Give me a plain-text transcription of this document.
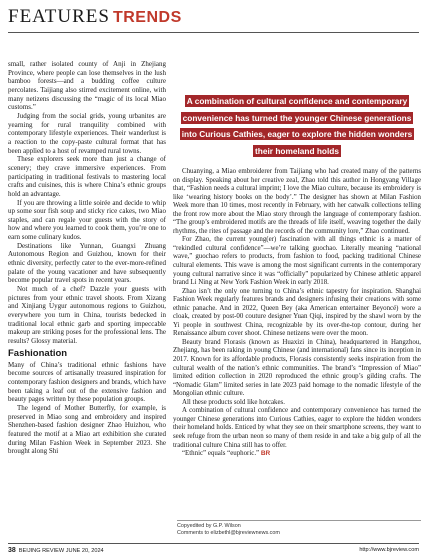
FEATURES TRENDS

small, rather isolated county of Anji in Zhejiang Province, where people can lose themselves in the lush bamboo forests—and a budding coffee culture percolates. Taijiang also stirred excitement online, with many netizens discussing the “magic of its local Miao customs.”

Judging from the social grids, young urbanites are yearning for rural tranquility combined with contemporary lifestyle experiences. Their wanderlust is a reaction to the copy-paste cultural format that has been applied to a host of revamped rural towns.

These explorers seek more than just a change of scenery; they crave immersive experiences. From participating in traditional festivals to mastering local crafts and cuisines, this is where China’s ethnic groups hold an advantage.

If you are throwing a little soirée and decide to whip up some sour fish soup and sticky rice cakes, two Miao staples, and can regale your guests with the story of how and where you learned to cook them, you’re one to earn some culinary kudos.

Destinations like Yunnan, Guangxi Zhuang Autonomous Region and Guizhou, known for their ethnic diversity, perfectly cater to the ever-more-refined palate of the young vacationer and have subsequently become popular travel spots in recent years.

Not much of a chef? Dazzle your guests with pictures from your ethnic travel shoots. From Xizang and Xinjiang Uygur autonomous regions to Guizhou, everywhere you turn in China, tourists bedecked in traditional local ethnic garb and sporting impeccable makeup are striking poses for the professional lens. The results? Glossy material.

Fashionation

Many of China’s traditional ethnic fashions have become sources of artisanally treasured inspiration for contemporary fashion designers and brands, which have been taking a leaf out of the extensive fashion and beauty pages written by these population groups.

The legend of Mother Butterfly, for example, is preserved in Miao song and embroidery and inspired Shenzhen-based fashion designer Zhao Huizhou, who featured the motif at a Miao art exhibition she curated during Milan Fashion Week in September 2023. She brought along Shi

A combination of cultural confidence and contemporary convenience has turned the younger Chinese generations into Curious Cathies, eager to explore the hidden wonders their homeland holds

Chuanying, a Miao embroiderer from Taijiang who had created many of the patterns on display. Speaking about her creative zeal, Zhao told this author in Hongyang Village that, “Fashion needs a cultural imprint; I love the Miao culture, because its embroidery is like ‘wearing history books on the body’.” The designer has shown at Milan Fashion Week more than 10 times, most recently in February, with her catwalk collections telling the front row more about the Miao story through the language of contemporary fashion. “The group’s embroidered motifs are the threads of life itself, weaving together the daily rhythms, the rites of passage and the records of the community lore,” Zhao continued.

For Zhao, the current young(er) fascination with all things ethnic is a matter of “rekindled cultural confidence”—we’re talking guochao. Literally meaning “national wave,” guochao refers to products, from fashion to food, packing traditional Chinese cultural elements. This wave is among the most significant currents in the contemporary young cultural narrative since it was “officially” popularized by Chinese athletic apparel brand Li Ning at New York Fashion Week in early 2018.

Zhao isn’t the only one turning to China’s ethnic tapestry for inspiration. Shanghai Fashion Week regularly features brands and designers infusing their creations with some ethnic panache. And in 2022, Queen Bey (aka American entertainer Beyoncé) wore a cloak, created by post-00 couture designer Yuan Qiqi, inspired by the shawl worn by the Yi people in southwest China, recognizable by its over-the-top contour, during her Renaissance album cover shoot. Chinese netizens were over the moon.

Beauty brand Florasis (known as Huaxizi in China), headquartered in Hangzhou, Zhejiang, has been raking in young Chinese (and international) fans since its inception in 2017. Known for its affordable products, Florasis consistently seeks inspiration from the cultural wealth of the nation’s ethnic communities. The brand’s “Impression of Miao” limited edition collection in 2020 reproduced the ethnic group’s gilding crafts. The “Nomadic Glam” limited series in late 2023 paid homage to the nomadic lifestyle of the Mongolian ethnic culture.

All these products sold like hotcakes.

A combination of cultural confidence and contemporary convenience has turned the younger Chinese generations into Curious Cathies, eager to explore the hidden wonders their homeland holds. Enticed by what they see on their smartphone screens, they want to seek refuge from the urban neon so many of them reside in and take a big gulp of all the traditional culture China still has to offer.

“Ethnic” equals “euphoric.” BR

Copyedited by G.P. Wilson
Comments to elizbethl@bjreviewnews.com
38 BEIJING REVIEW JUNE 20, 2024	http://www.bjreview.com
